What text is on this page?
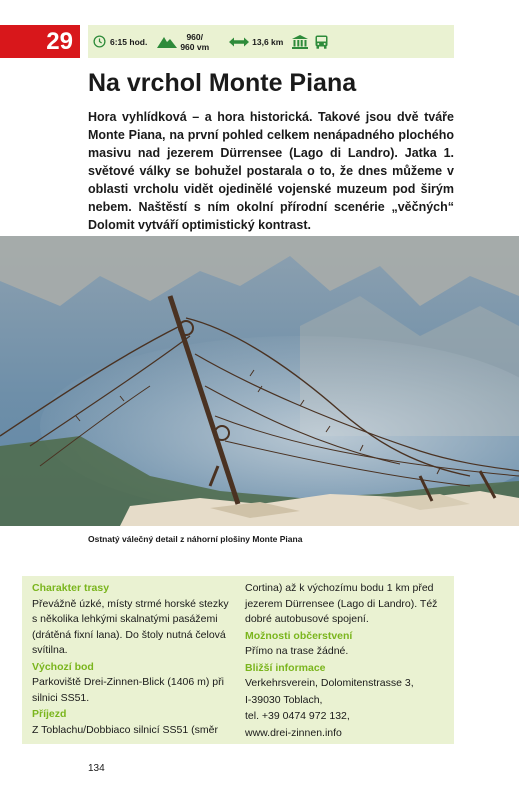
29	6:15 hod.	960/
960 vm	13,6 km
Na vrchol Monte Piana

Hora vyhlídková – a hora historická. Takové jsou dvě tváře Monte Piana, na první pohled celkem nenápadného plochého masivu nad jezerem Dürrensee (Lago di Landro). Jatka 1. světové války se bohužel postarala o to, že dnes můžeme v oblasti vrcholu vidět ojedinělé vojenské muzeum pod širým nebem. Naštěstí s ním okolní přírodní scenérie „věčných“ Dolomit vytváří optimistický kontrast.

Ostnatý válečný detail z náhorní plošiny Monte Piana

Charakter trasy

Převážně úzké, místy strmé horské stezky s několika lehkými skalnatými pasážemi (drátěná fixní lana). Do štoly nutná čelová svítilna.

Výchozí bod

Parkoviště Drei-Zinnen-Blick (1406 m) při silnici SS51.

Příjezd

Z Toblachu/Dobbiaco silnicí SS51 (směr

Cortina) až k výchozímu bodu 1 km před jezerem Dürrensee (Lago di Landro). Též dobré autobusové spojení.

Možnosti občerstvení

Přímo na trase žádné.

Bližší informace

Verkehrsverein, Dolomitenstrasse 3,

I-39030 Toblach,

tel. +39 0474 972 132,

www.drei-zinnen.info

134
